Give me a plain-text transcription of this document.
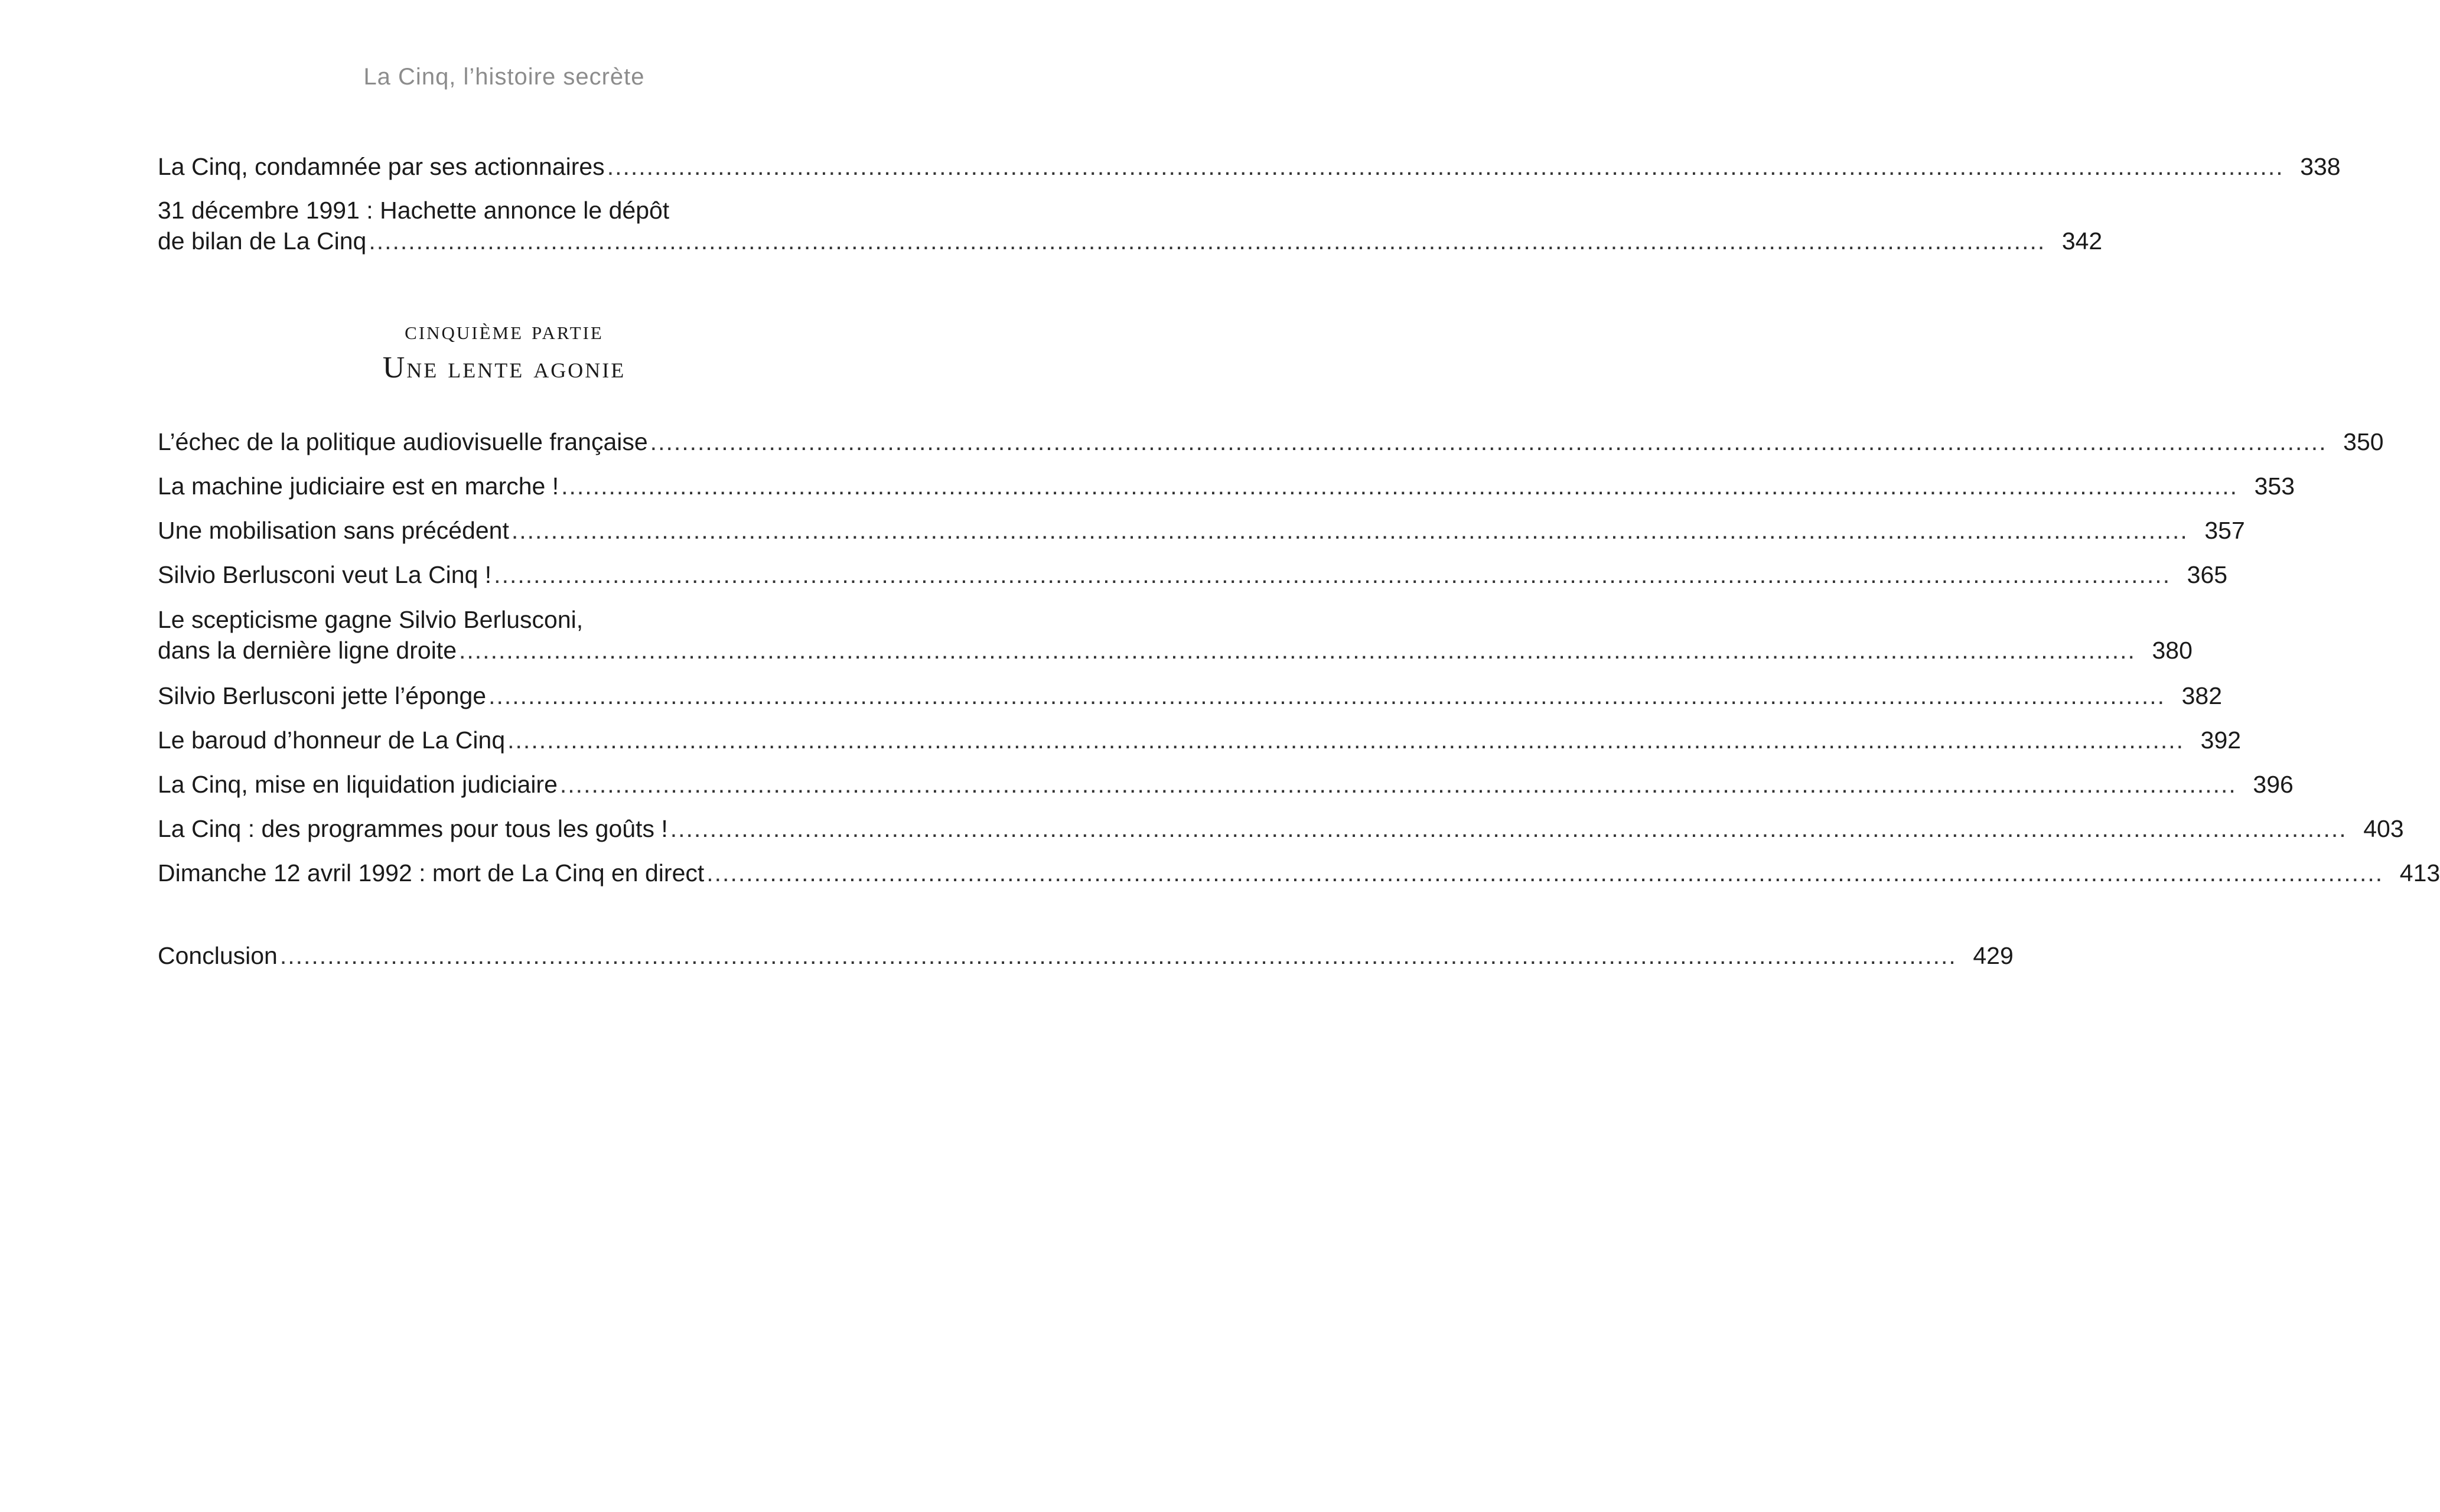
La Cinq, l’histoire secrète
La Cinq, condamnée par ses actionnaires .................................................................................................................................................................................................................... 338
31 décembre 1991 : Hachette annonce le dépôt
de bilan de La Cinq .................................................................................................................................................................................................................... 342
L’échec de la politique audiovisuelle française .................................................................................................................................................................................................................... 350
La machine judiciaire est en marche ! .................................................................................................................................................................................................................... 353
Une mobilisation sans précédent .................................................................................................................................................................................................................... 357
Silvio Berlusconi veut La Cinq ! .................................................................................................................................................................................................................... 365
Le scepticisme gagne Silvio Berlusconi,
dans la dernière ligne droite .................................................................................................................................................................................................................... 380
Silvio Berlusconi jette l’éponge .................................................................................................................................................................................................................... 382
Le baroud d’honneur de La Cinq .................................................................................................................................................................................................................... 392
La Cinq, mise en liquidation judiciaire .................................................................................................................................................................................................................... 396
La Cinq : des programmes pour tous les goûts ! .................................................................................................................................................................................................................... 403
Dimanche 12 avril 1992 : mort de La Cinq en direct .................................................................................................................................................................................................................... 413
Conclusion .................................................................................................................................................................................................................... 429
cinquième partie
Une lente agonie
